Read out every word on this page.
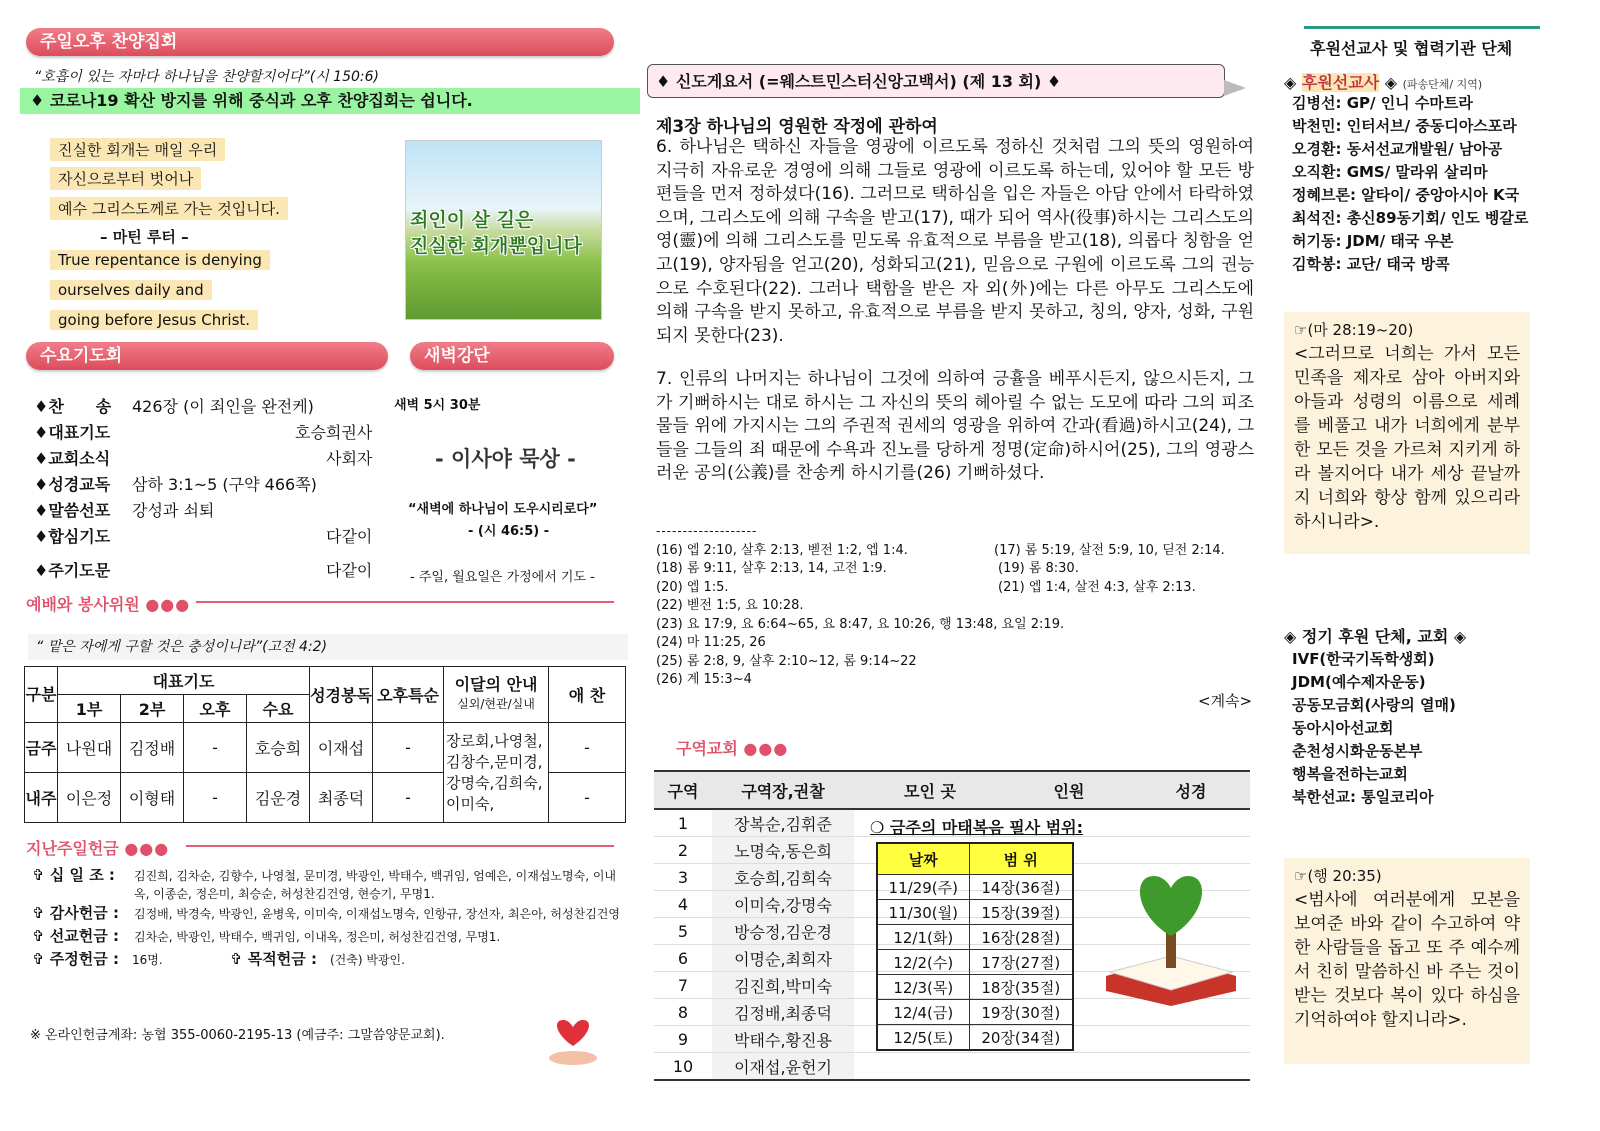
주일오후 찬양집회
“호흡이 있는 자마다 하나님을 찬양할지어다”(시 150:6)
♦ 코로나19 확산 방지를 위해 중식과 오후 찬양집회는 쉽니다.
진실한 회개는 매일 우리
자신으로부터 벗어나
예수 그리스도께로 가는 것입니다.
– 마틴 루터 –
True repentance is denying
ourselves daily and
going before Jesus Christ.
죄인이 살 길은
진실한 회개뿐입니다
수요기도회	새벽강단
♦찬　　송 426장 (이 죄인을 완전케)
♦대표기도	호승희권사
♦교회소식	사회자
♦성경교독 삼하 3:1~5 (구약 466쪽)
♦말씀선포 강성과 쇠퇴
♦합심기도	다같이
♦주기도문	다같이
새벽 5시 30분
- 이사야 묵상 -
“새벽에 하나님이 도우시리로다”
- (시 46:5) -
- 주일, 월요일은 가정에서 기도 -
예배와 봉사위원 ●●●
“ 맡은 자에게 구할 것은 충성이니라”(고전 4:2)
구분	대표기도				성경봉독	오후특순	이달의 안내
실외/현관/실내	애 찬
	1부	2부	오후	수요				
금주	나원대	김정배	-	호승희	이재섭	-	장로회,나영철, 김창수,문미경, 강명숙,김희숙, 이미숙,	-
내주	이은정	이형태	-	김운경	최종덕	-		-
지난주일헌금 ●●●
✞ 십 일 조 : 김진희, 김차순, 김향수, 나영철, 문미경, 박광인, 박태수, 백귀임, 엄예은, 이재섭노명숙, 이내옥, 이종순, 정은미, 최승순, 허성찬김건영, 현승기, 무명1.
✞ 감사헌금 : 김정배, 박경숙, 박광인, 윤병욱, 이미숙, 이재섭노명숙, 인항규, 장선자, 최은아, 허성찬김건영
✞ 선교헌금 : 김차순, 박광인, 박태수, 백귀임, 이내옥, 정은미, 허성찬김건영, 무명1.
✞ 주정헌금 : 16명.	✞ 목적헌금 : (건축) 박광인.
※ 온라인헌금계좌: 농협 355-0060-2195-13 (예금주: 그말씀양문교회).
♦ 신도게요서 (=웨스트민스터신앙고백서) (제 13 회) ♦
제3장 하나님의 영원한 작정에 관하여
6. 하나님은 택하신 자들을 영광에 이르도록 정하신 것처럼 그의 뜻의 영원하여 지극히 자유로운 경영에 의해 그들로 영광에 이르도록 하는데, 있어야 할 모든 방편들을 먼저 정하셨다(16). 그러므로 택하심을 입은 자들은 아담 안에서 타락하였으며, 그리스도에 의해 구속을 받고(17), 때가 되어 역사(役事)하시는 그리스도의 영(靈)에 의해 그리스도를 믿도록 유효적으로 부름을 받고(18), 의롭다 칭함을 얻고(19), 양자됨을 얻고(20), 성화되고(21), 믿음으로 구원에 이르도록 그의 권능으로 수호된다(22). 그러나 택함을 받은 자 외(外)에는 다른 아무도 그리스도에 의해 구속을 받지 못하고, 유효적으로 부름을 받지 못하고, 칭의, 양자, 성화, 구원되지 못한다(23).
7. 인류의 나머지는 하나님이 그것에 의하여 긍휼을 베푸시든지, 않으시든지, 그가 기뻐하시는 대로 하시는 그 자신의 뜻의 헤아릴 수 없는 도모에 따라 그의 피조물들 위에 가지시는 그의 주권적 권세의 영광을 위하여 간과(看過)하시고(24), 그들을 그들의 죄 때문에 수욕과 진노를 당하게 정명(定命)하시어(25), 그의 영광스러운 공의(公義)를 찬송케 하시기를(26) 기뻐하셨다.
-------------------
(16) 엡 2:10, 살후 2:13, 벧전 1:2, 엡 1:4.
(18) 롬 9:11, 살후 2:13, 14, 고전 1:9.
(20) 엡 1:5.
(22) 벧전 1:5, 요 10:28.
(23) 요 17:9, 요 6:64~65, 요 8:47, 요 10:26, 행 13:48, 요일 2:19.
(24) 마 11:25, 26
(25) 롬 2:8, 9, 살후 2:10~12, 롬 9:14~22
(26) 계 15:3~4
(17) 롬 5:19, 살전 5:9, 10, 딛전 2:14.
(19) 롬 8:30.
(21) 엡 1:4, 살전 4:3, 살후 2:13.
<계속>
구역교회 ●●●
구역	구역장,권찰	모인 곳	인원	성경
1	장복순,김휘준			
2	노명숙,동은희			
3	호승희,김희숙			
4	이미숙,강명숙			
5	방승정,김운경			
6	이명순,최희자			
7	김진희,박미숙			
8	김정배,최종덕			
9	박태수,황진용			
10	이재섭,윤헌기			
❍ 금주의 마태복음 필사 범위:
날짜	범 위
11/29(주)	14장(36절)
11/30(월)	15장(39절)
12/1(화)	16장(28절)
12/2(수)	17장(27절)
12/3(목)	18장(35절)
12/4(금)	19장(30절)
12/5(토)	20장(34절)
후원선교사 및 협력기관 단체
◈ 후원선교사 ◈ (파송단체/ 지역)
김병선: GP/ 인니 수마트라
박천민: 인터서브/ 중동디아스포라
오경환: 동서선교개발원/ 남아공
오직환: GMS/ 말라위 살리마
정혜브론: 알타이/ 중앙아시아 K국
최석진: 총신89동기회/ 인도 벵갈로
허기동: JDM/ 태국 우본
김학봉: 교단/ 태국 방콕
☞(마 28:19~20)
<그러므로 너희는 가서 모든 민족을 제자로 삼아 아버지와 아들과 성령의 이름으로 세례를 베풀고 내가 너희에게 분부한 모든 것을 가르쳐 지키게 하라 볼지어다 내가 세상 끝날까지 너희와 항상 함께 있으리라 하시니라>.
◈ 정기 후원 단체, 교회 ◈
IVF(한국기독학생회)
JDM(예수제자운동)
공동모금회(사랑의 열매)
동아시아선교회
춘천성시화운동본부
행복을전하는교회
북한선교: 통일코리아
☞(행 20:35)
<범사에 여러분에게 모본을 보여준 바와 같이 수고하여 약한 사람들을 돕고 또 주 예수께서 친히 말씀하신 바 주는 것이 받는 것보다 복이 있다 하심을 기억하여야 할지니라>.
